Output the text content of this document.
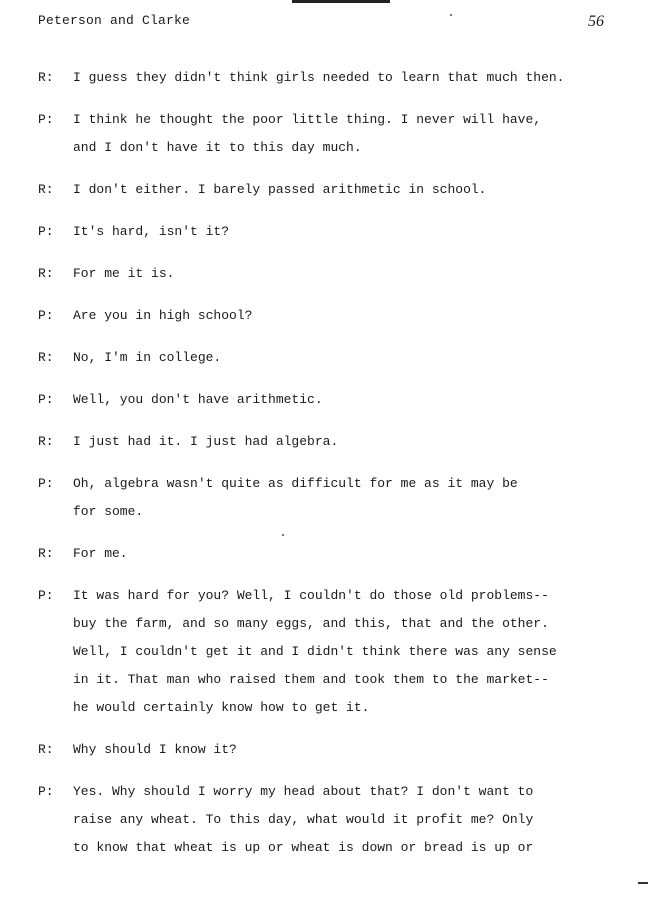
Peterson and Clarke	56
R:	I guess they didn't think girls needed to learn that much then.
P:	I think he thought the poor little thing. I never will have,
and I don't have it to this day much.
R:	I don't either. I barely passed arithmetic in school.
P:	It's hard, isn't it?
R:	For me it is.
P:	Are you in high school?
R:	No, I'm in college.
P:	Well, you don't have arithmetic.
R:	I just had it. I just had algebra.
P:	Oh, algebra wasn't quite as difficult for me as it may be
for some.
R:	For me.
P:	It was hard for you? Well, I couldn't do those old problems--
buy the farm, and so many eggs, and this, that and the other.
Well, I couldn't get it and I didn't think there was any sense
in it. That man who raised them and took them to the market--
he would certainly know how to get it.
R:	Why should I know it?
P:	Yes. Why should I worry my head about that? I don't want to
raise any wheat. To this day, what would it profit me? Only
to know that wheat is up or wheat is down or bread is up or
